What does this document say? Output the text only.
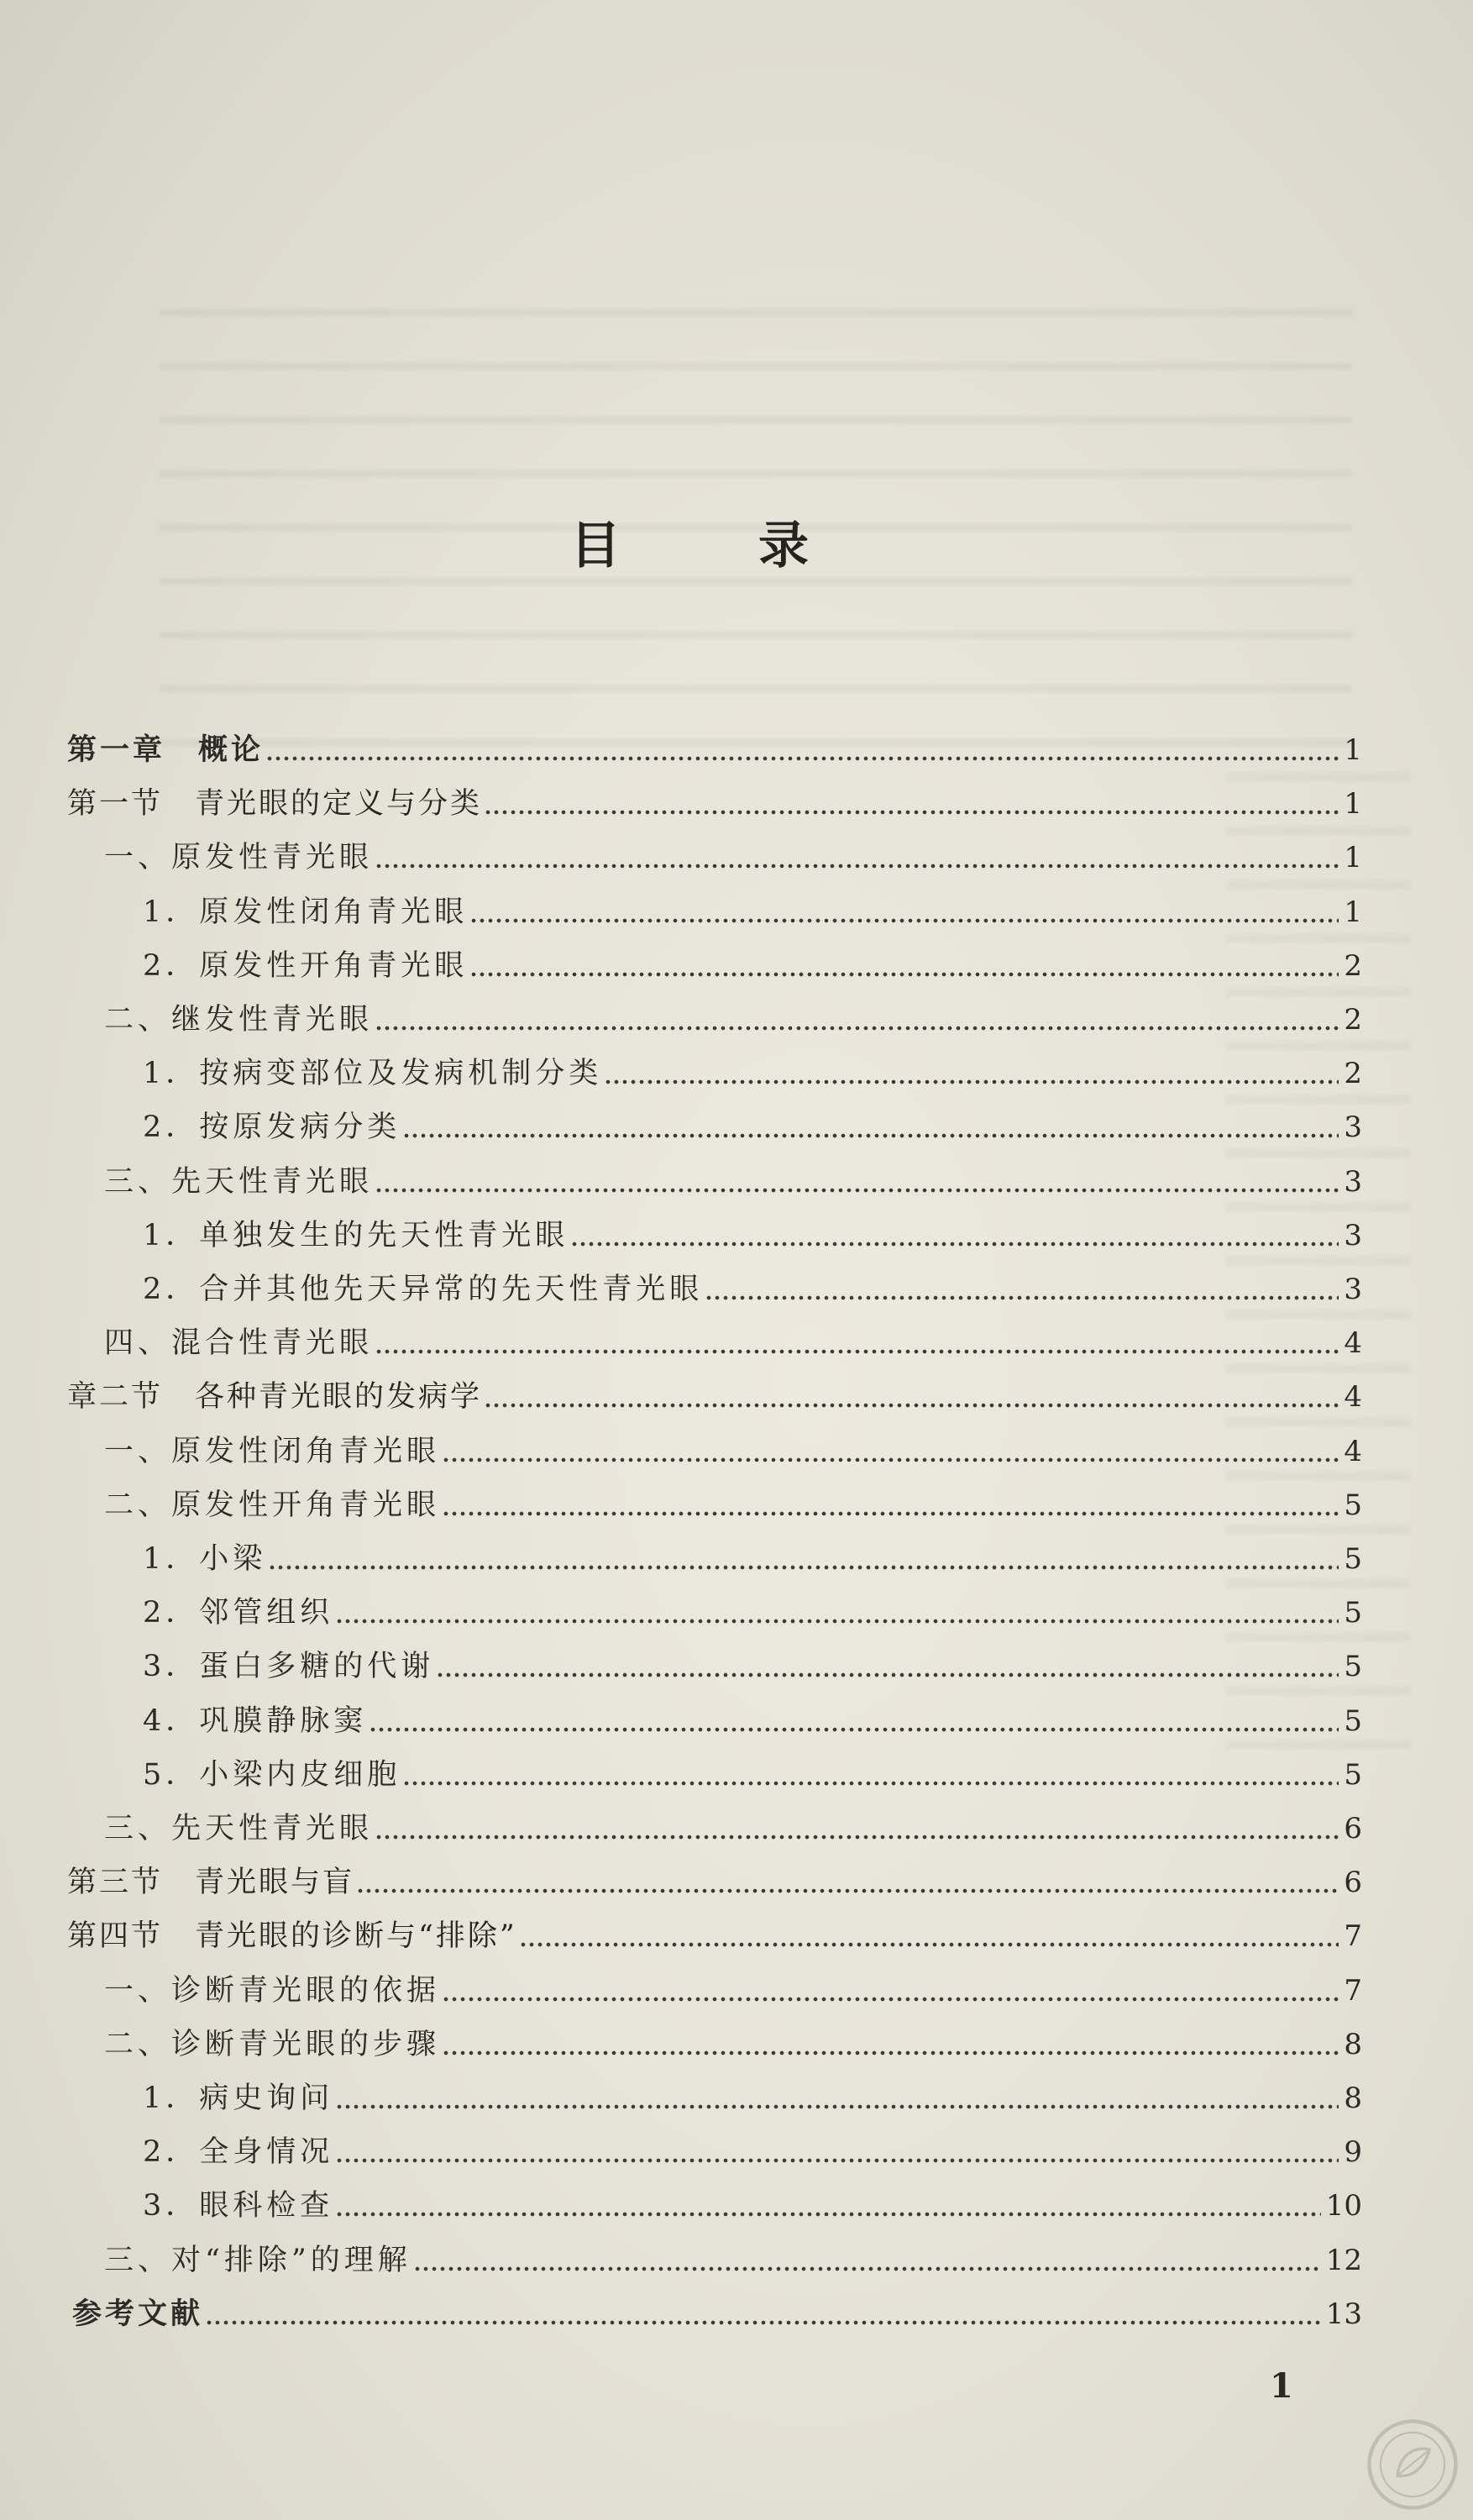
目录
第一章　概论	1
第一节　青光眼的定义与分类	1
一、原发性青光眼	1
1．原发性闭角青光眼	1
2．原发性开角青光眼	2
二、继发性青光眼	2
1．按病变部位及发病机制分类	2
2．按原发病分类	3
三、先天性青光眼	3
1．单独发生的先天性青光眼	3
2．合并其他先天异常的先天性青光眼	3
四、混合性青光眼	4
章二节　各种青光眼的发病学	4
一、原发性闭角青光眼	4
二、原发性开角青光眼	5
1．小梁	5
2．邻管组织	5
3．蛋白多糖的代谢	5
4．巩膜静脉窦	5
5．小梁内皮细胞	5
三、先天性青光眼	6
第三节　青光眼与盲	6
第四节　青光眼的诊断与“排除”	7
一、诊断青光眼的依据	7
二、诊断青光眼的步骤	8
1．病史询问	8
2．全身情况	9
3．眼科检查	10
三、对“排除”的理解	12
参考文献	13
1
